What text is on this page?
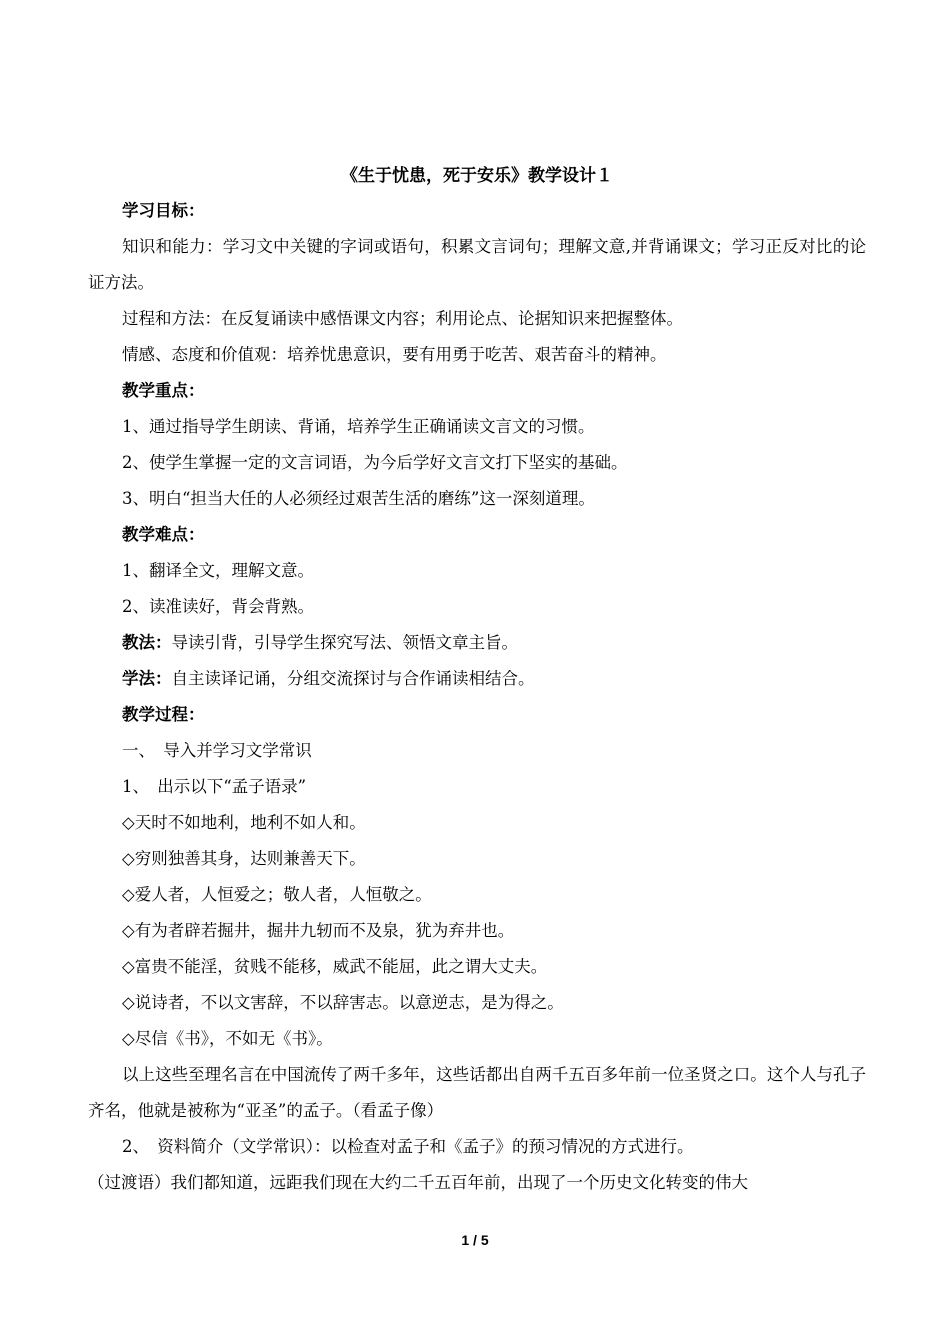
《生于忧患，死于安乐》教学设计１

学习目标：

知识和能力：学习文中关键的字词或语句，积累文言词句；理解文意,并背诵课文；学习正反对比的论证方法。

过程和方法：在反复诵读中感悟课文内容；利用论点、论据知识来把握整体。

情感、态度和价值观：培养忧患意识，要有用勇于吃苦、艰苦奋斗的精神。

教学重点：

1、通过指导学生朗读、背诵，培养学生正确诵读文言文的习惯。

2、使学生掌握一定的文言词语，为今后学好文言文打下坚实的基础。

3、明白“担当大任的人必须经过艰苦生活的磨练”这一深刻道理。

教学难点：

1、翻译全文，理解文意。

2、读准读好，背会背熟。

教法：导读引背，引导学生探究写法、领悟文章主旨。

学法：自主读译记诵，分组交流探讨与合作诵读相结合。

教学过程：

一、　导入并学习文学常识

1、　出示以下“孟子语录”

◇天时不如地利，地利不如人和。

◇穷则独善其身，达则兼善天下。

◇爱人者，人恒爱之；敬人者，人恒敬之。

◇有为者辟若掘井，掘井九轫而不及泉，犹为弃井也。

◇富贵不能淫，贫贱不能移，威武不能屈，此之谓大丈夫。

◇说诗者，不以文害辞，不以辞害志。以意逆志，是为得之。

◇尽信《书》，不如无《书》。

以上这些至理名言在中国流传了两千多年，这些话都出自两千五百多年前一位圣贤之口。这个人与孔子齐名，他就是被称为“亚圣”的孟子。（看孟子像）

2、　资料简介（文学常识）：以检查对孟子和《孟子》的预习情况的方式进行。

（过渡语）我们都知道，远距我们现在大约二千五百年前，出现了一个历史文化转变的伟大

1 / 5
